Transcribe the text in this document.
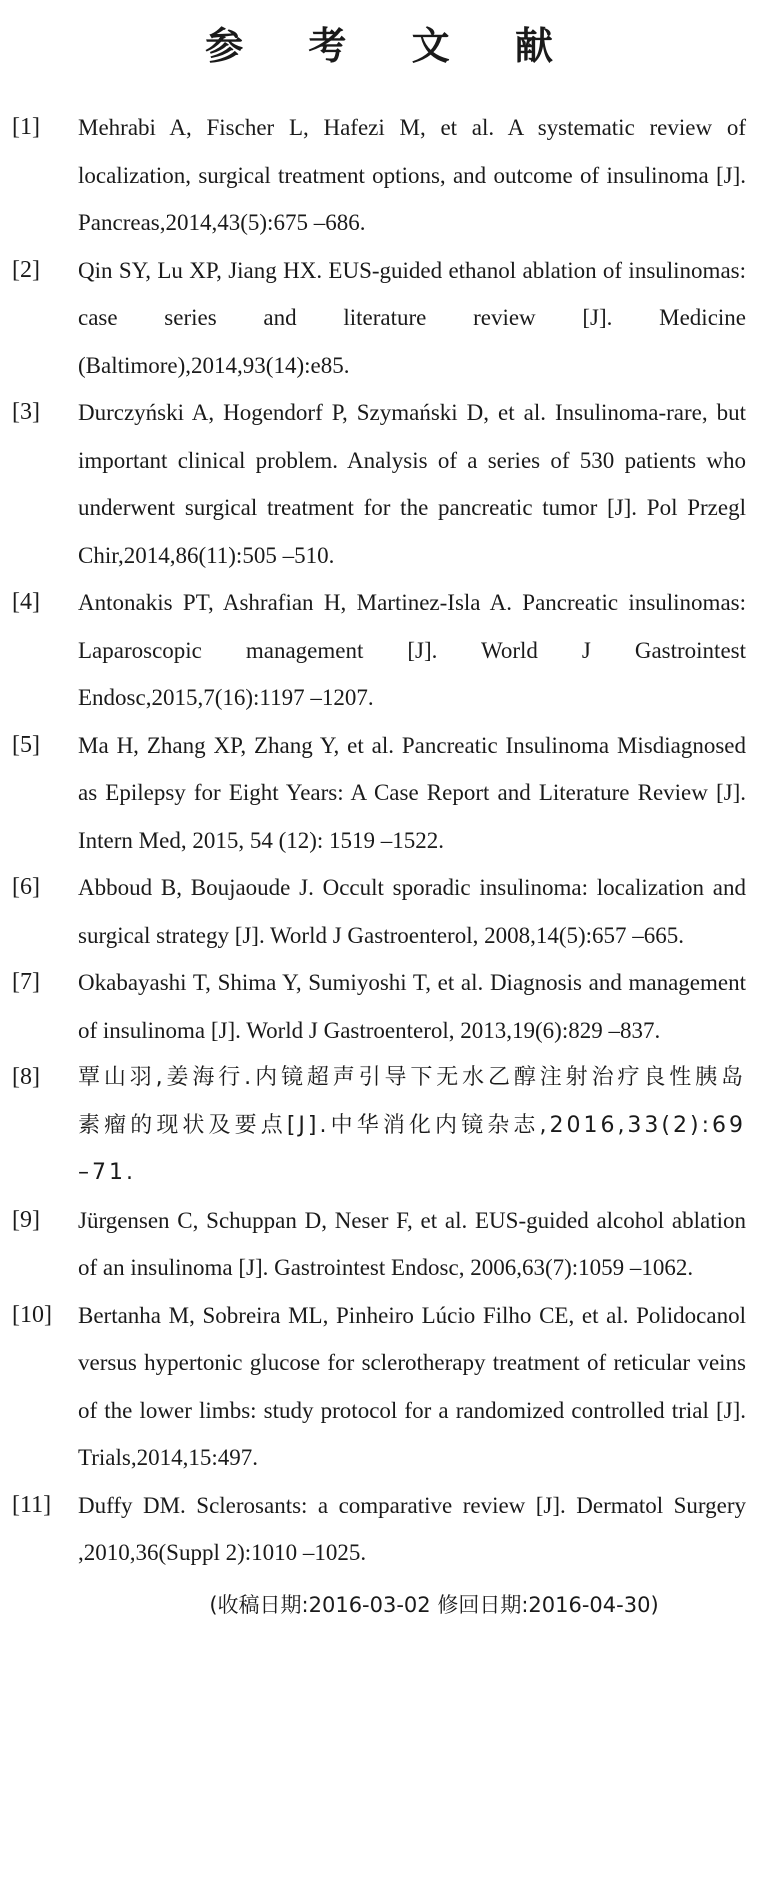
参 考 文 献
[1]	Mehrabi A, Fischer L, Hafezi M, et al. A systematic review of localization, surgical treatment options, and outcome of insulinoma [J]. Pancreas,2014,43(5):675 –686.
[2]	Qin SY, Lu XP, Jiang HX. EUS-guided ethanol ablation of insulinomas: case series and literature review [J]. Medicine (Baltimore),2014,93(14):e85.
[3]	Durczyński A, Hogendorf P, Szymański D, et al. Insulinoma-rare, but important clinical problem. Analysis of a series of 530 patients who underwent surgical treatment for the pancreatic tumor [J]. Pol Przegl Chir,2014,86(11):505 –510.
[4]	Antonakis PT, Ashrafian H, Martinez-Isla A. Pancreatic insulinomas: Laparoscopic management [J]. World J Gastrointest Endosc,2015,7(16):1197 –1207.
[5]	Ma H, Zhang XP, Zhang Y, et al. Pancreatic Insulinoma Misdiagnosed as Epilepsy for Eight Years: A Case Report and Literature Review [J]. Intern Med, 2015, 54 (12): 1519 –1522.
[6]	Abboud B, Boujaoude J. Occult sporadic insulinoma: localization and surgical strategy [J]. World J Gastroenterol, 2008,14(5):657 –665.
[7]	Okabayashi T, Shima Y, Sumiyoshi T, et al. Diagnosis and management of insulinoma [J]. World J Gastroenterol, 2013,19(6):829 –837.
[8]	覃山羽,姜海行.内镜超声引导下无水乙醇注射治疗良性胰岛素瘤的现状及要点[J].中华消化内镜杂志,2016,33(2):69 –71.
[9]	Jürgensen C, Schuppan D, Neser F, et al. EUS-guided alcohol ablation of an insulinoma [J]. Gastrointest Endosc, 2006,63(7):1059 –1062.
[10]	Bertanha M, Sobreira ML, Pinheiro Lúcio Filho CE, et al. Polidocanol versus hypertonic glucose for sclerotherapy treatment of reticular veins of the lower limbs: study protocol for a randomized controlled trial [J]. Trials,2014,15:497.
[11]	Duffy DM. Sclerosants: a comparative review [J]. Dermatol Surgery ,2010,36(Suppl 2):1010 –1025.
(收稿日期:2016-03-02 修回日期:2016-04-30)
